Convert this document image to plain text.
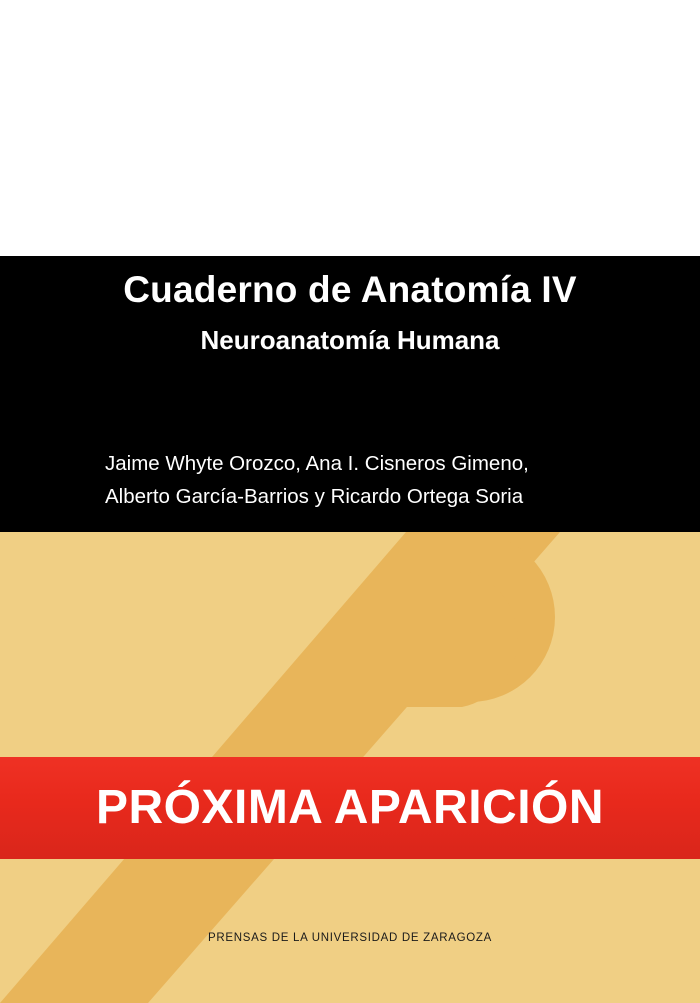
Cuaderno de Anatomía IV
Neuroanatomía Humana
Jaime Whyte Orozco, Ana I. Cisneros Gimeno,
Alberto García-Barrios y Ricardo Ortega Soria
PRÓXIMA APARICIÓN
PRENSAS DE LA UNIVERSIDAD DE ZARAGOZA
